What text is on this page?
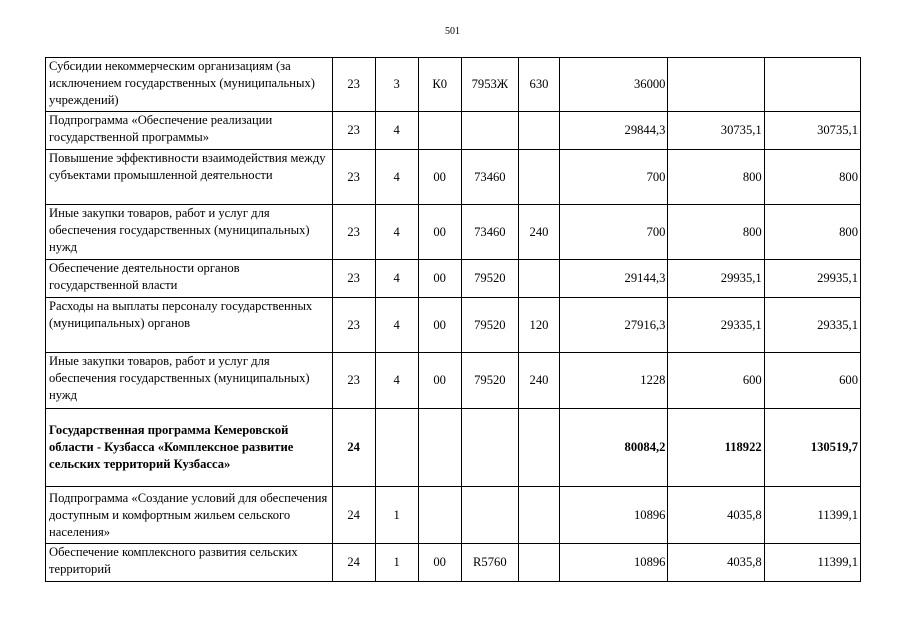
501
Субсидии некоммерческим организациям (за исключением государственных (муниципальных) учреждений)	23	3	К0	7953Ж	630	36000		
Подпрограмма «Обеспечение реализации государственной программы»	23	4				29844,3	30735,1	30735,1
Повышение эффективности взаимодействия между субъектами промышленной деятельности	23	4	00	73460		700	800	800
Иные закупки товаров, работ и услуг для обеспечения государственных (муниципальных) нужд	23	4	00	73460	240	700	800	800
Обеспечение деятельности органов государственной власти	23	4	00	79520		29144,3	29935,1	29935,1
Расходы на выплаты персоналу государственных (муниципальных) органов	23	4	00	79520	120	27916,3	29335,1	29335,1
Иные закупки товаров, работ и услуг для обеспечения государственных (муниципальных) нужд	23	4	00	79520	240	1228	600	600
Государственная программа Кемеровской области - Кузбасса «Комплексное развитие сельских территорий Кузбасса»	24					80084,2	118922	130519,7
Подпрограмма «Создание условий для обеспечения доступным и комфортным жильем сельского населения»	24	1				10896	4035,8	11399,1
Обеспечение комплексного развития сельских территорий	24	1	00	R5760		10896	4035,8	11399,1
